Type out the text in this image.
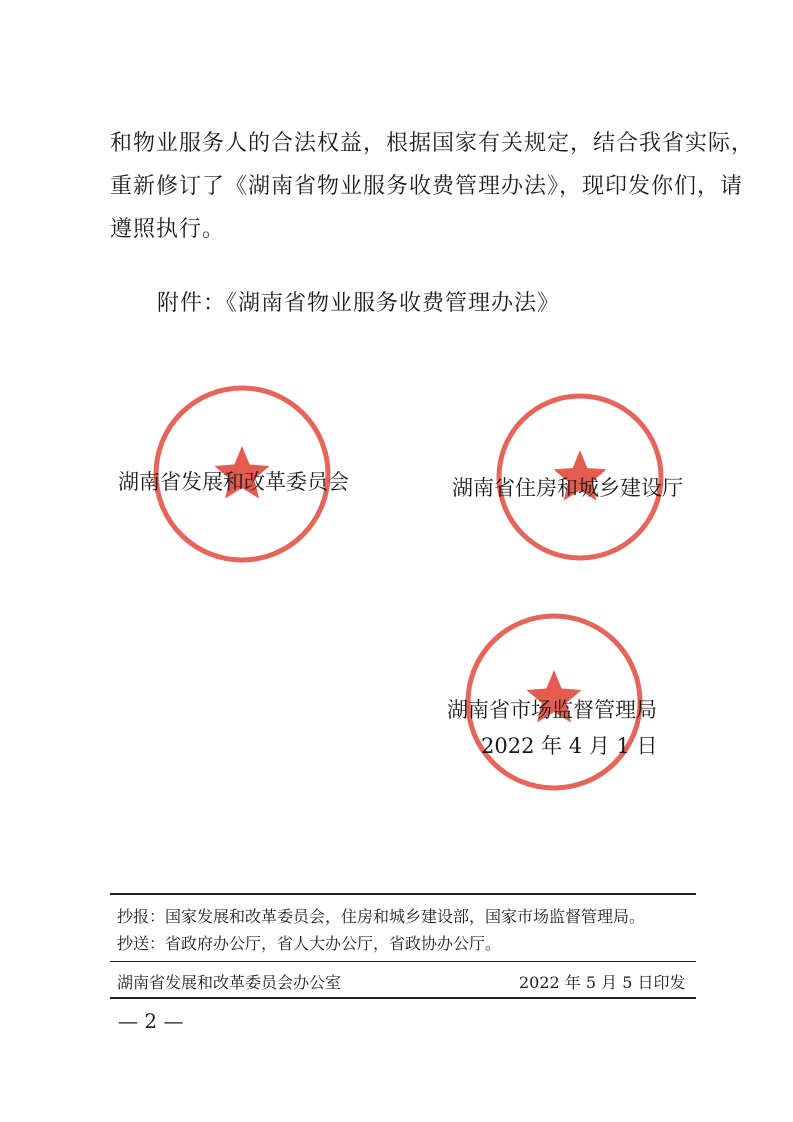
和物业服务人的合法权益，根据国家有关规定，结合我省实际，
重新修订了《湖南省物业服务收费管理办法》，现印发你们，请
遵照执行。
附件：《湖南省物业服务收费管理办法》
湖南省发展和改革委员会	湖南省住房和城乡建设厅
湖南省市场监督管理局
2022 年 4 月 1 日
抄报：国家发展和改革委员会，住房和城乡建设部，国家市场监督管理局。
抄送：省政府办公厅，省人大办公厅，省政协办公厅。
湖南省发展和改革委员会办公室	2022 年 5 月 5 日印发
— 2 —
